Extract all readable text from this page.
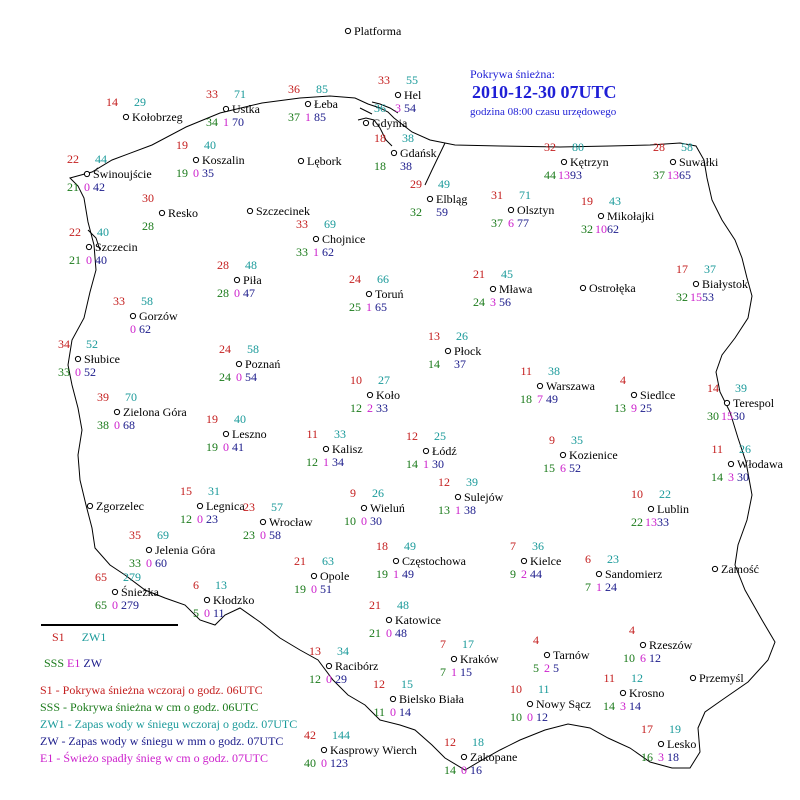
Platforma
Hel
33 55
3 54
Ustka
33 71
34 1 70
Łeba
36 85
37 1 85	Gdynia
36
Kołobrzeg
14 29
Gdańsk
18 38
18 38
Koszalin
19 40
19 0 35
Lębork
Świnoujście
22 44
21 0 42
Kętrzyn
32 80
44 13 93
Suwałki
28 58
37 13 65
Elbląg
29 49
32 59	Olsztyn
31 71
37 6 77	Mikołajki
19 43
32 10 62
Resko
30
28
Szczecinek
Chojnice
33 69
33 1 62
Szczecin
22 40
21 0 40
Piła
28 48
28 0 47	Toruń
24 66
25 1 65
Mława
21 45
24 3 56
Ostrołęka	Białystok
17 37
32 15 53
Gorzów
33 58
0 62
Płock
13 26
14 37
Słubice
34 52
33 0 52
Poznań
24 58
24 0 54
Warszawa
11 38
18 7 49	Siedlce
4
13 9 25
Koło
10 27
12 2 33	Terespol
14 39
30 15 30
Zielona Góra
39 70
38 0 68
Leszno
19 40
19 0 41	Kalisz
11 33
12 1 34
Łódź
12 25
14 1 30
Kozienice
9 35
15 6 52	Włodawa
11 26
14 3 30
Sulejów
12 39
13 1 38
Zgorzelec	Legnica
15 31
12 0 23
Wieluń
9 26
10 0 30
Lublin
10 22
22 13 33
Wrocław
23 57
23 0 58
Jelenia Góra
35 69
33 0 60	Częstochowa
18 49
19 1 49
Kielce
7 36
9 2 44	Sandomierz
6 23
7 1 24
Zamość
Opole
21 63
19 0 51
Śnieżka
65 279
65 0 279	Kłodzko
6 13
5 0 11	Katowice
21 48
21 0 48
Rzeszów
4
10 6 12
Tarnów
4
5 2 5
Kraków
7 17
7 1 15
Racibórz
13 34
12 0 29	Przemyśl
Krosno
11 12
14 3 14
Bielsko Biała
12 15
11 0 14
Nowy Sącz
10 11
10 0 12
Kasprowy Wierch
42 144
40 0 123
Lesko
17 19
16 3 18
Zakopane
12 18
14 0 16
Pokrywa śnieżna:
2010-12-30 07UTC
godzina 08:00 czasu urzędowego
S1 ZW1
SSS E1 ZW
S1 - Pokrywa śnieżna wczoraj o godz. 06UTC
SSS - Pokrywa śnieżna w cm o godz. 06UTC
ZW1 - Zapas wody w śniegu wczoraj o godz. 07UTC
ZW - Zapas wody w śniegu w mm o godz. 07UTC
E1 - Świeżo spadły śnieg w cm o godz. 07UTC
